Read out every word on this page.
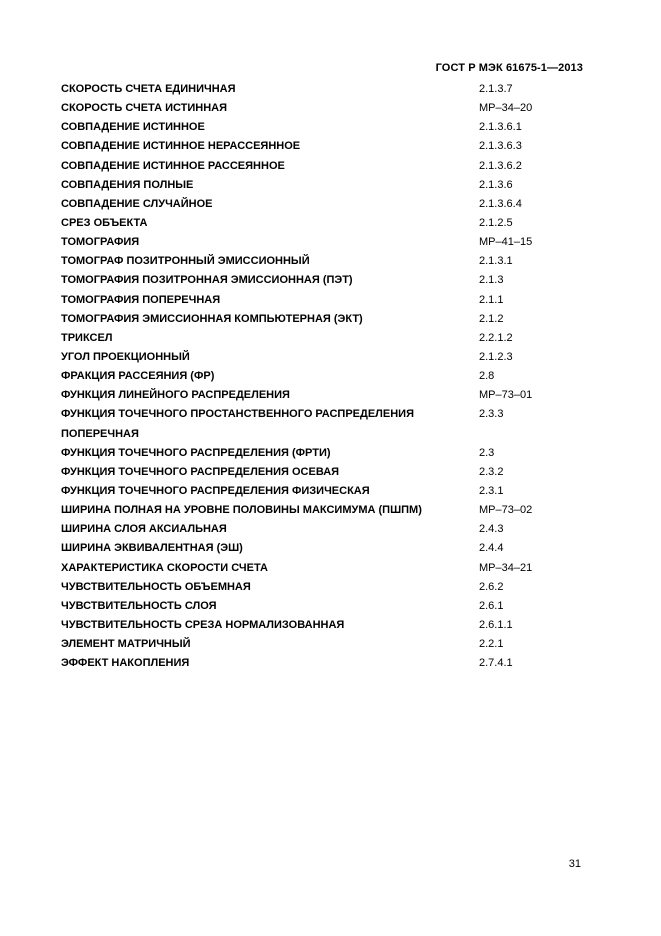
ГОСТ Р МЭК 61675-1—2013
СКОРОСТЬ СЧЕТА ЕДИНИЧНАЯ	2.1.3.7
СКОРОСТЬ СЧЕТА ИСТИННАЯ	МР–34–20
СОВПАДЕНИЕ ИСТИННОЕ	2.1.3.6.1
СОВПАДЕНИЕ ИСТИННОЕ НЕРАССЕЯННОЕ	2.1.3.6.3
СОВПАДЕНИЕ ИСТИННОЕ РАССЕЯННОЕ	2.1.3.6.2
СОВПАДЕНИЯ ПОЛНЫЕ	2.1.3.6
СОВПАДЕНИЕ СЛУЧАЙНОЕ	2.1.3.6.4
СРЕЗ ОБЪЕКТА	2.1.2.5
ТОМОГРАФИЯ	МР–41–15
ТОМОГРАФ ПОЗИТРОННЫЙ ЭМИССИОННЫЙ	2.1.3.1
ТОМОГРАФИЯ ПОЗИТРОННАЯ ЭМИССИОННАЯ (ПЭТ)	2.1.3
ТОМОГРАФИЯ ПОПЕРЕЧНАЯ	2.1.1
ТОМОГРАФИЯ ЭМИССИОННАЯ КОМПЬЮТЕРНАЯ (ЭКТ)	2.1.2
ТРИКСЕЛ	2.2.1.2
УГОЛ ПРОЕКЦИОННЫЙ	2.1.2.3
ФРАКЦИЯ РАССЕЯНИЯ (ФР)	2.8
ФУНКЦИЯ ЛИНЕЙНОГО РАСПРЕДЕЛЕНИЯ	МР–73–01
ФУНКЦИЯ ТОЧЕЧНОГО ПРОСТАНСТВЕННОГО РАСПРЕДЕЛЕНИЯ	2.3.3
ПОПЕРЕЧНАЯ
ФУНКЦИЯ ТОЧЕЧНОГО РАСПРЕДЕЛЕНИЯ (ФРТИ)	2.3
ФУНКЦИЯ ТОЧЕЧНОГО РАСПРЕДЕЛЕНИЯ ОСЕВАЯ	2.3.2
ФУНКЦИЯ ТОЧЕЧНОГО РАСПРЕДЕЛЕНИЯ ФИЗИЧЕСКАЯ	2.3.1
ШИРИНА ПОЛНАЯ НА УРОВНЕ ПОЛОВИНЫ МАКСИМУМА (ПШПМ)	МР–73–02
ШИРИНА СЛОЯ АКСИАЛЬНАЯ	2.4.3
ШИРИНА ЭКВИВАЛЕНТНАЯ (ЭШ)	2.4.4
ХАРАКТЕРИСТИКА СКОРОСТИ СЧЕТА	МР–34–21
ЧУВСТВИТЕЛЬНОСТЬ ОБЪЕМНАЯ	2.6.2
ЧУВСТВИТЕЛЬНОСТЬ СЛОЯ	2.6.1
ЧУВСТВИТЕЛЬНОСТЬ СРЕЗА НОРМАЛИЗОВАННАЯ	2.6.1.1
ЭЛЕМЕНТ МАТРИЧНЫЙ	2.2.1
ЭФФЕКТ НАКОПЛЕНИЯ	2.7.4.1
31
